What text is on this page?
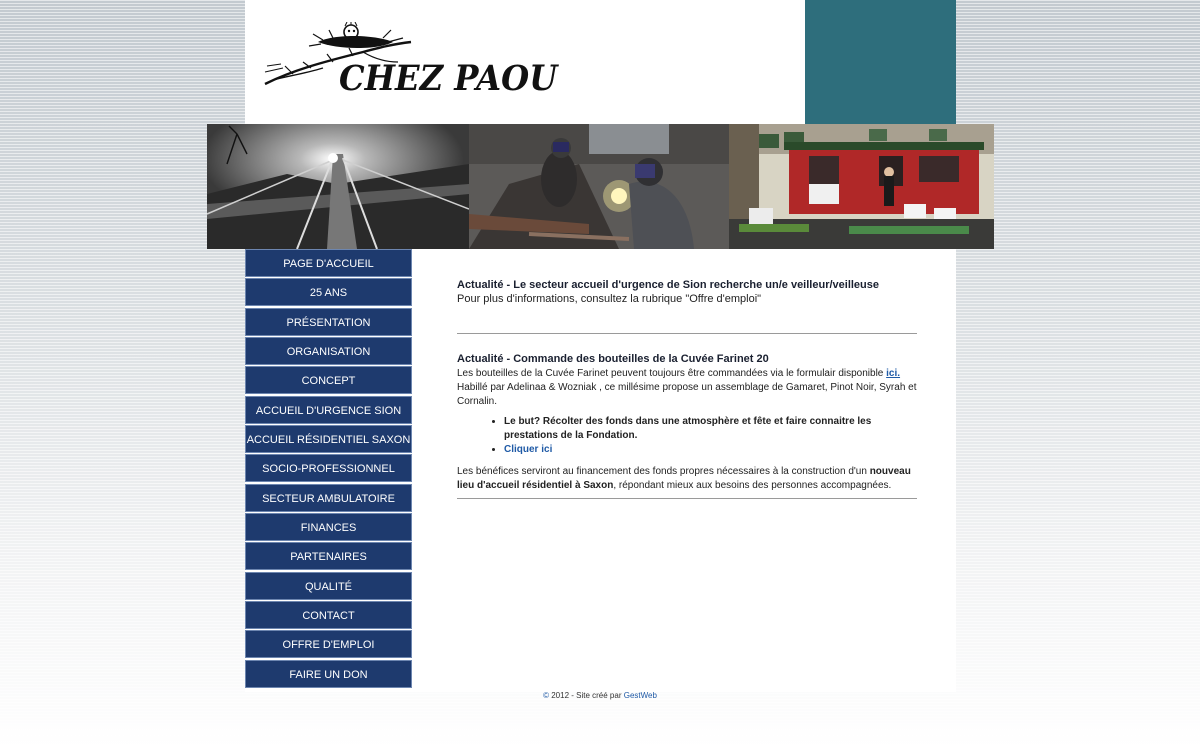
CHEZ PAOU
PAGE D'ACCUEIL
25 ANS
PRÉSENTATION
ORGANISATION
CONCEPT
ACCUEIL D'URGENCE SION
ACCUEIL RÉSIDENTIEL SAXON
SOCIO-PROFESSIONNEL
SECTEUR AMBULATOIRE
FINANCES
PARTENAIRES
QUALITÉ
CONTACT
OFFRE D'EMPLOI
FAIRE UN DON
Actualité - Le secteur accueil d'urgence de Sion recherche un/e veilleur/veilleuse
Pour plus d'informations, consultez la rubrique "Offre d'emploi"
Actualité - Commande des bouteilles de la Cuvée Farinet 20
Les bouteilles de la Cuvée Farinet peuvent toujours être commandées via le formulair disponible ici. Habillé par Adelinaa & Wozniak , ce millésime propose un assemblage de Gamaret, Pinot Noir, Syrah et Cornalin.
• Le but? Récolter des fonds dans une atmosphère et fête et faire connaitre les prestations de la Fondation.
• Cliquer ici
Les bénéfices serviront au financement des fonds propres nécessaires à la construction d'un nouveau lieu d'accueil résidentiel à Saxon, répondant mieux aux besoins des personnes accompagnées.
© 2012 - Site créé par GestWeb
